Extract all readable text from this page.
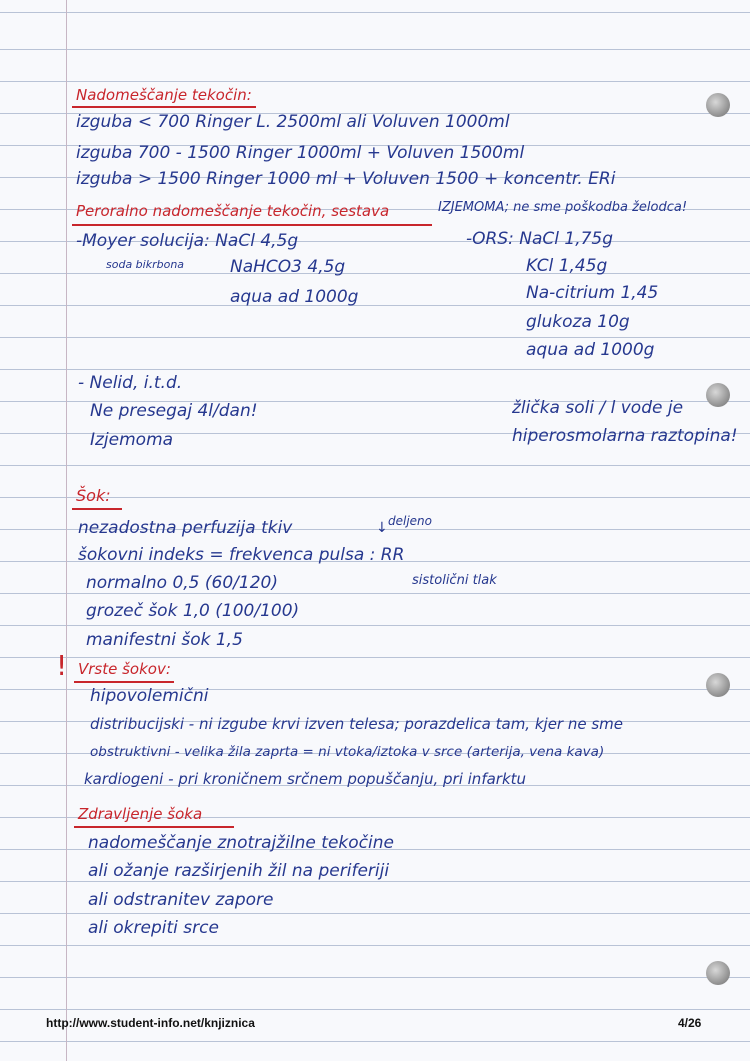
Nadomeščanje tekočin:
izguba < 700 Ringer L. 2500ml ali Voluven 1000ml
izguba 700 - 1500 Ringer 1000ml + Voluven 1500ml
izguba > 1500 Ringer 1000 ml + Voluven 1500 + koncentr. ERi
Peroralno nadomeščanje tekočin, sestava	IZJEMOMA; ne sme poškodba želodca!
-Moyer solucija: NaCl 4,5g
soda bikrbona	NaHCO3 4,5g
aqua ad 1000g
-ORS: NaCl 1,75g
KCl 1,45g
Na-citrium 1,45
glukoza 10g
aqua ad 1000g
- Nelid, i.t.d.
Ne presegaj 4l/dan!
Izjemoma
žlička soli / l vode je
hiperosmolarna raztopina!
Šok:
nezadostna perfuzija tkiv	↓ deljeno
šokovni indeks = frekvenca pulsa : RR
normalno 0,5 (60/120)	sistolični tlak
grozeč šok 1,0 (100/100)
manifestni šok 1,5
! Vrste šokov:
hipovolemični
distribucijski - ni izgube krvi izven telesa; porazdelica tam, kjer ne sme
obstruktivni - velika žila zaprta = ni vtoka/iztoka v srce (arterija, vena kava)
kardiogeni - pri kroničnem srčnem popuščanju, pri infarktu
Zdravljenje šoka
nadomeščanje znotrajžilne tekočine
ali ožanje razširjenih žil na periferiji
ali odstranitev zapore
ali okrepiti srce
http://www.student-info.net/knjiznica	4/26
